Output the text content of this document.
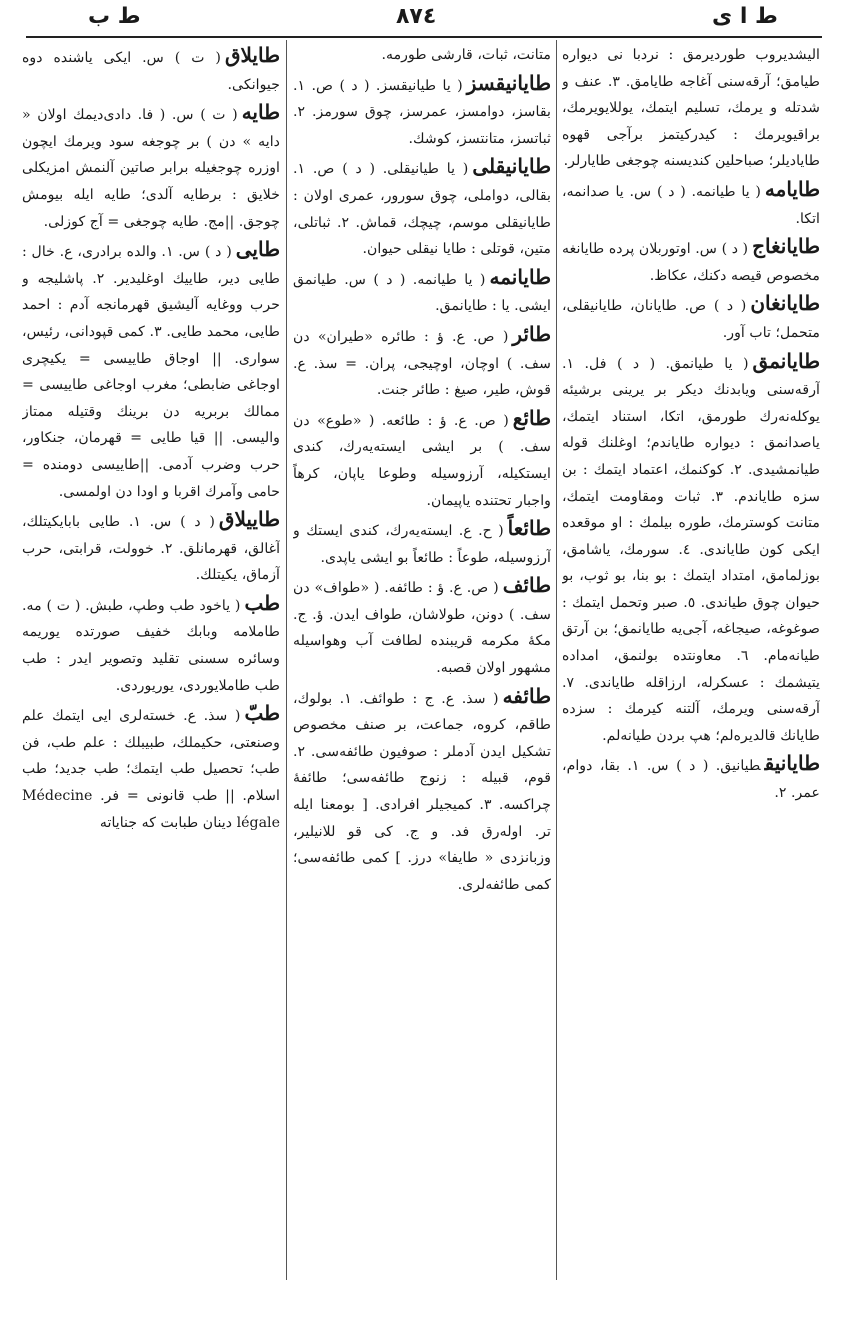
ط ب	٨٧٤	ط ا ی
الیشدیروب طوردیرمق : نردبا نی دیواره طیامق؛ آرقه‌سنی آغاجه طایامق. ۳. عنف و شدتله و یرمك، تسلیم ایتمك، یوللایویرمك، براقیویرمك : کیدرکیتمز برآجی قهوه طایادیلر؛ صباحلین کندیسنه چوجغی طایارلر.
طایامه( یا طیانمه. ( د ) س. یا صدانمه، اتکا.
طایانغاج( د ) س. اوتوربلان پرده طایانغه مخصوص قیصه دکنك، عکاظ.
طایانغان( د ) ص. طایانان، طایانیقلی، متحمل؛ تاب آور.
طایانمق( یا طیانمق. ( د ) فل. ۱. آرقه‌سنی ویابدنك دیکر بر یرینی برشیئه یوکله‌نه‌رك طورمق، اتکا، استناد ایتمك، یاصدانمق : دیواره طایاندم؛ اوغلنك قوله طیانمشیدی. ۲. کوکنمك، اعتماد ایتمك : بن سزه طایاندم. ۳. ثبات ومقاومت ایتمك، متانت کوسترمك، طوره بیلمك : او موقعده ایکی کون طایاندی. ٤. سورمك، یاشامق، بوزلمامق، امتداد ایتمك : بو بنا، بو ثوب، بو حیوان چوق طیاندی. ٥. صبر وتحمل ایتمك : صوغوغه، صیجاغه، آجی‌یه طایانمق؛ بن آرتق طیانه‌مام. ٦. معاونتده بولنمق، امداده یتیشمك : عسکرله، ارزاقله طایاندی. ۷. آرقه‌سنی ویرمك، آلتنه کیرمك : سزده طایانك قالدیره‌لم؛ هپ بردن طیانه‌لم.
طایانیقطیانیق. ( د ) س. ۱. بقا، دوام، عمر. ۲.
متانت، ثبات، قارشی طورمه.
طایانیقسز( یا طیانیقسز. ( د ) ص. ۱. بقاسز، دوامسز، عمرسز، چوق سورمز. ۲. ثباتسز، متانتسز، کوشك.
طایانیقلی( یا طیانیقلی. ( د ) ص. ۱. بقالی، دواملی، چوق سورور، عمری اولان : طایانیقلی موسم، چیچك، قماش. ۲. ثباتلی، متین، قوتلی : طایا نیقلی حیوان.
طایانمه( یا طیانمه. ( د ) س. طیانمق ایشی. یا : طایانمق.
طائر( ص. ع. ؤ : طائره «طیران» دن سف. ) اوچان، اوچیجی، پران. = سذ. ع. قوش، طیر، صیغ : طائر جنت.
طائع( ص. ع. ؤ : طائعه. ( «طوع» دن سف. ) بر ایشی ایسته‌یه‌رك، کندی ایستکیله، آرزوسیله وطوعا یاپان، کرهاً واجبار تحتنده یاپیمان.
طائعاً( ح. ع. ایسته‌یه‌رك، کندی ایستك و آرزوسیله، طوعاً : طائعاً بو ایشی یاپدی.
طائف( ص. ع. ؤ : طائفه. ( «طواف» دن سف. ) دونن، طولاشان، طواف ایدن. ؤ. ج. مکهٔ مکرمه قریبنده لطافت آب وهواسیله مشهور اولان قصبه.
طائفه( سذ. ع. ج : طوائف. ۱. بولوك، طاقم، کروه، جماعت، بر صنف مخصوص تشکیل ایدن آدملر : صوفیون طائفه‌سی. ۲. قوم، قبیله : زنوج طائفه‌سی؛ طائفهٔ چراکسه. ۳. کمیجیلر افرادی. [ بومعنا ایله تر. اوله‌رق فد. و ج. کی قو للانیلیر، وزبانزدی « طایفا» درز. ] کمی طائفه‌سی؛ کمی طائفه‌لری.
طایلاق( ت ) س. ایکی یاشنده دوه جیوانکی.
طایه( ت ) س. ( فا. دادی‌دیمك اولان « دایه » دن ) بر چوجغه سود ویرمك ایچون اوزره چوجغیله برابر صاتین آلنمش امزیکلی خلایق : برطایه آلدی؛ طایه ایله بیومش چوجق. ||مج. طایه چوجغی = آج کوزلی.
طایی( د ) س. ۱. والده برادری، ع. خال : طایی‌ دیر، طاییك اوغلیدیر. ۲. پاشلیجه و حرب ووغایه آلیشیق قهرمانجه آدم : احمد طایی، محمد طایی. ۳. کمی قپودانی، رئیس، سواری. || اوجاق طاییسی = یکیچری اوجاغی ضابطی؛ مغرب اوجاغی طاییسی = ممالك بربریه دن برینك وقتیله ممتاز والیسی. || قیا طایی = قهرمان، جنکاور، حرب وضرب آدمی. ||طاییسی دومنده = حامی وآمرك اقربا و اودا دن اولمسی.
طاییلاق( د ) س. ۱. طایی بابایکیتلك، آغالق، قهرمانلق. ۲. خوولت، قرابتی، حرب آزماق، یکیتلك.
طب( یاخود طب وطپ، طبش. ( ت ) مه. طاملامه وبابك خفیف صورتده یوریمه وسائره سسنی تقلید وتصویر ایدر : طب طب طاملایوردی، یوریوردی.
طبّ( سذ. ع. خسته‌لری ایی ایتمك علم وصنعتی، حکیملك، طبیبلك : علم طب، فن طب؛ تحصیل طب ایتمك؛ طب جدید؛ طب اسلام. || طب قانونی = فر. Médecine légale دینان طبابت که جنایاته
